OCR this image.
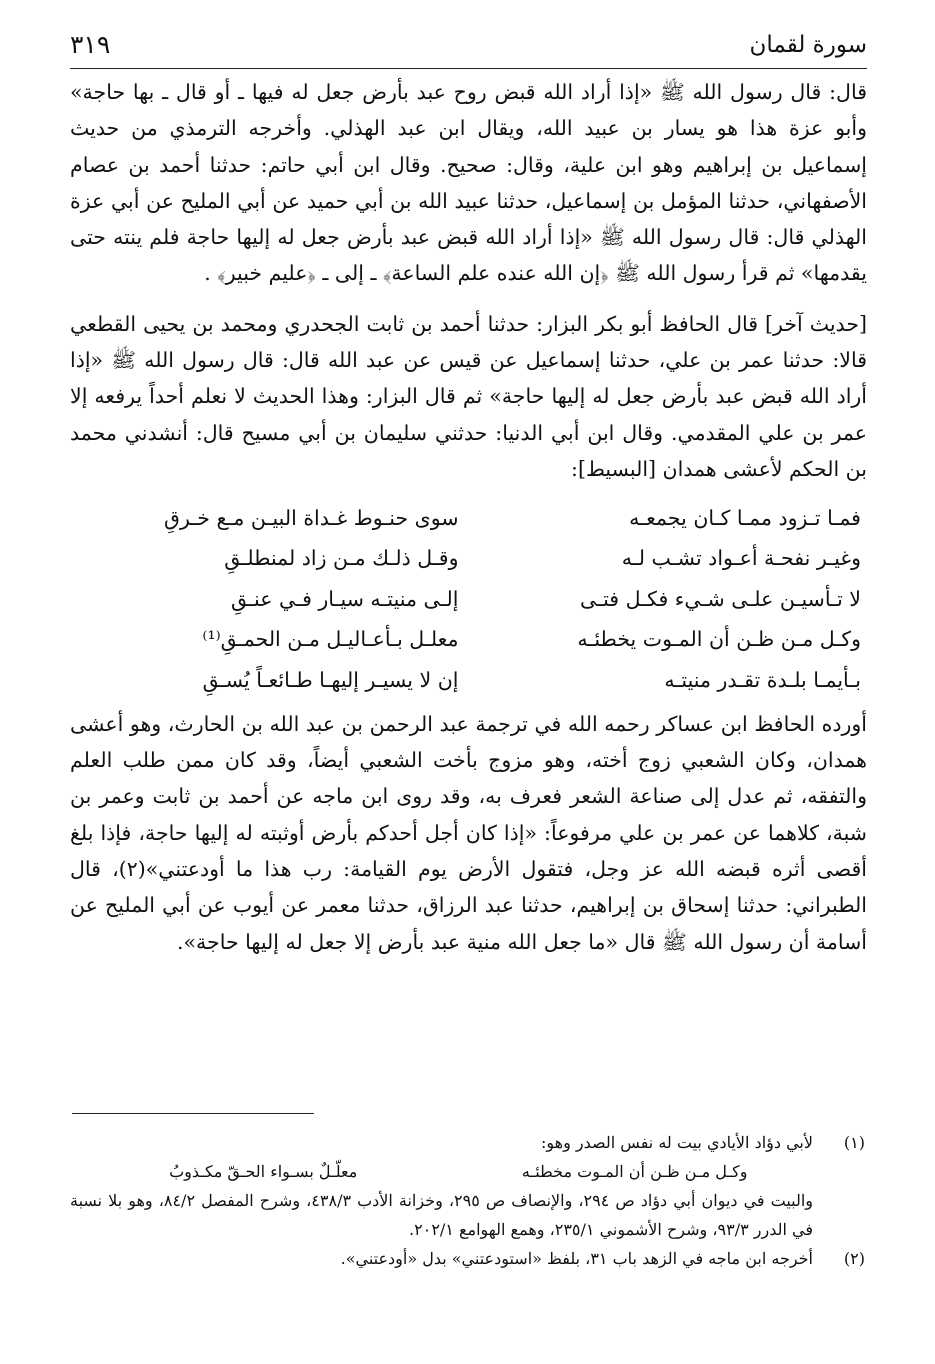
سورة لقمان
٣١٩

قال: قال رسول الله ﷺ «إذا أراد الله قبض روح عبد بأرض جعل له فيها ـ أو قال ـ بها حاجة» وأبو عزة هذا هو يسار بن عبيد الله، ويقال ابن عبد الهذلي. وأخرجه الترمذي من حديث إسماعيل بن إبراهيم وهو ابن علية، وقال: صحيح. وقال ابن أبي حاتم: حدثنا أحمد بن عصام الأصفهاني، حدثنا المؤمل بن إسماعيل، حدثنا عبيد الله بن أبي حميد عن أبي المليح عن أبي عزة الهذلي قال: قال رسول الله ﷺ «إذا أراد الله قبض عبد بأرض جعل له إليها حاجة فلم ينته حتى يقدمها» ثم قرأ رسول الله ﷺ ﴿إن الله عنده علم الساعة﴾ ـ إلى ـ ﴿عليم خبير﴾ .

[حديث آخر] قال الحافظ أبو بكر البزار: حدثنا أحمد بن ثابت الجحدري ومحمد بن يحيى القطعي قالا: حدثنا عمر بن علي، حدثنا إسماعيل عن قيس عن عبد الله قال: قال رسول الله ﷺ «إذا أراد الله قبض عبد بأرض جعل له إليها حاجة» ثم قال البزار: وهذا الحديث لا نعلم أحداً يرفعه إلا عمر بن علي المقدمي. وقال ابن أبي الدنيا: حدثني سليمان بن أبي مسيح قال: أنشدني محمد بن الحكم لأعشى همدان [البسيط]:

فمـا تـزود ممـا كـان يجمعـه
سوى حنـوط غـداة البيـن مـع خـرقِ
وغيـر نفحـة أعـواد تشـب لـه
وقـل ذلـك مـن زاد لمنطلـقِ
لا تـأسيـن علـى شـيء فكـل فتـى
إلـى منيتـه سيـار فـي عنـقِ
وكـل مـن ظـن أن المـوت يخطئـه
معلـل بـأعـاليـل مـن الحمـقِ⁽¹⁾
بـأيمـا بلـدة تقـدر منيتـه
إن لا يسيـر إليهـا طـائعـاً يُسـقِ

أورده الحافظ ابن عساكر رحمه الله في ترجمة عبد الرحمن بن عبد الله بن الحارث، وهو أعشى همدان، وكان الشعبي زوج أخته، وهو مزوج بأخت الشعبي أيضاً، وقد كان ممن طلب العلم والتفقه، ثم عدل إلى صناعة الشعر فعرف به، وقد روى ابن ماجه عن أحمد بن ثابت وعمر بن شبة، كلاهما عن عمر بن علي مرفوعاً: «إذا كان أجل أحدكم بأرض أوثبته له إليها حاجة، فإذا بلغ أقصى أثره قبضه الله عز وجل، فتقول الأرض يوم القيامة: رب هذا ما أودعتني»(٢)، قال الطبراني: حدثنا إسحاق بن إبراهيم، حدثنا عبد الرزاق، حدثنا معمر عن أيوب عن أبي المليح عن أسامة أن رسول الله ﷺ قال «ما جعل الله منية عبد بأرض إلا جعل له إليها حاجة».

(١)
لأبي دؤاد الأيادي بيت له نفس الصدر وهو:
وكـل مـن ظـن أن المـوت مخطئـه
معلّـلٌ بسـواء الحـقّ مكـذوبُ
والبيت في ديوان أبي دؤاد ص ٢٩٤، والإنصاف ص ٢٩٥، وخزانة الأدب ٤٣٨/٣، وشرح المفصل ٨٤/٢، وهو بلا نسبة في الدرر ٩٣/٣، وشرح الأشموني ٢٣٥/١، وهمع الهوامع ٢٠٢/١.
(٢)
أخرجه ابن ماجه في الزهد باب ٣١، بلفظ «استودعتني» بدل «أودعتني».
